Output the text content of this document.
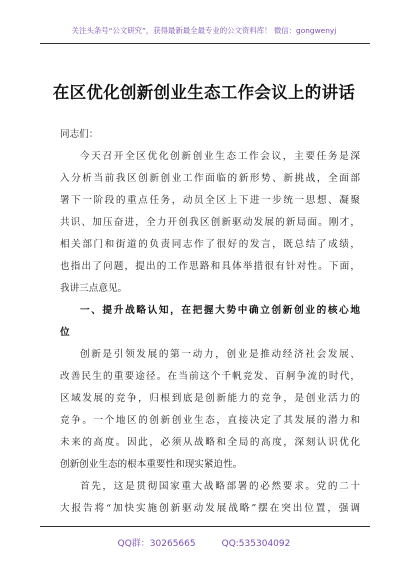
关注头条号“公文研究”，获得最新最全最专业的公文资料库！ 微信：gongwenyj
在区优化创新创业生态工作会议上的讲话
同志们：
今天召开全区优化创新创业生态工作会议，主要任务是深
入分析当前我区创新创业工作面临的新形势、新挑战，全面部
署下一阶段的重点任务，动员全区上下进一步统一思想、凝聚
共识、加压奋进，全力开创我区创新驱动发展的新局面。刚才，
相关部门和街道的负责同志作了很好的发言，既总结了成绩，
也指出了问题，提出的工作思路和具体举措很有针对性。下面，
我讲三点意见。
一、提升战略认知，在把握大势中确立创新创业的核心地
位
创新是引领发展的第一动力，创业是推动经济社会发展、
改善民生的重要途径。在当前这个千帆竞发、百舸争流的时代，
区域发展的竞争，归根到底是创新能力的竞争，是创业活力的
竞争。一个地区的创新创业生态，直接决定了其发展的潜力和
未来的高度。因此，必须从战略和全局的高度，深刻认识优化
创新创业生态的根本重要性和现实紧迫性。
首先，这是贯彻国家重大战略部署的必然要求。党的二十
大报告将“加快实施创新驱动发展战略”摆在突出位置，强调
QQ群：30265665	QQ:535304092
